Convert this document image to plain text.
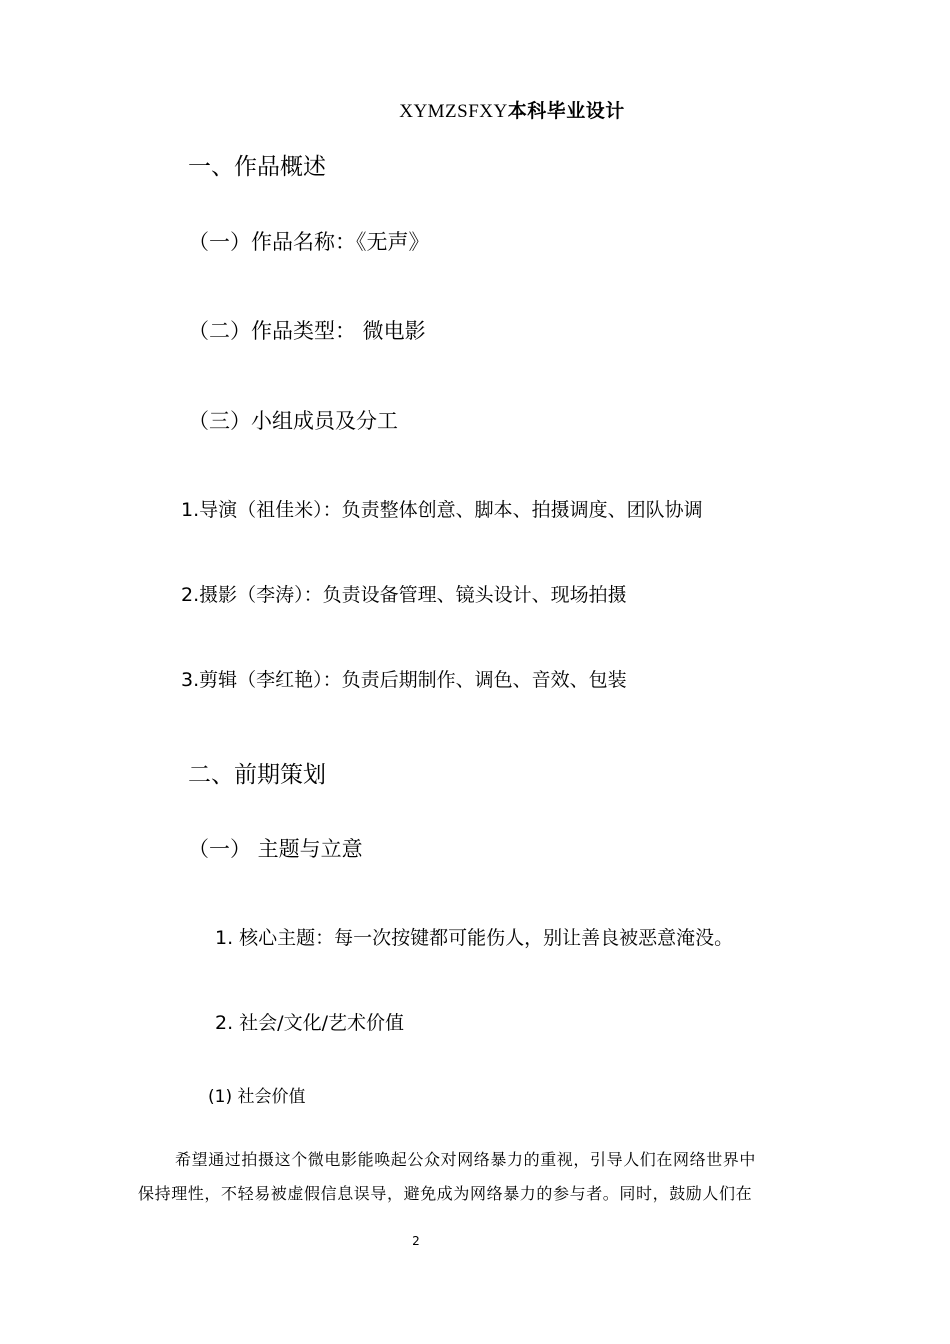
XYMZSFXY本科毕业设计
一、作品概述
（一）作品名称：《无声》
（二）作品类型： 微电影
（三）小组成员及分工
1.导演（祖佳米）：负责整体创意、脚本、拍摄调度、团队协调
2.摄影（李涛）：负责设备管理、镜头设计、现场拍摄
3.剪辑（李红艳）：负责后期制作、调色、音效、包装
二、前期策划
（一） 主题与立意
1. 核心主题：每一次按键都可能伤人，别让善良被恶意淹没。
2. 社会/文化/艺术价值
(1) 社会价值
希望通过拍摄这个微电影能唤起公众对网络暴力的重视，引导人们在网络世界中
保持理性，不轻易被虚假信息误导，避免成为网络暴力的参与者。同时，鼓励人们在
2
